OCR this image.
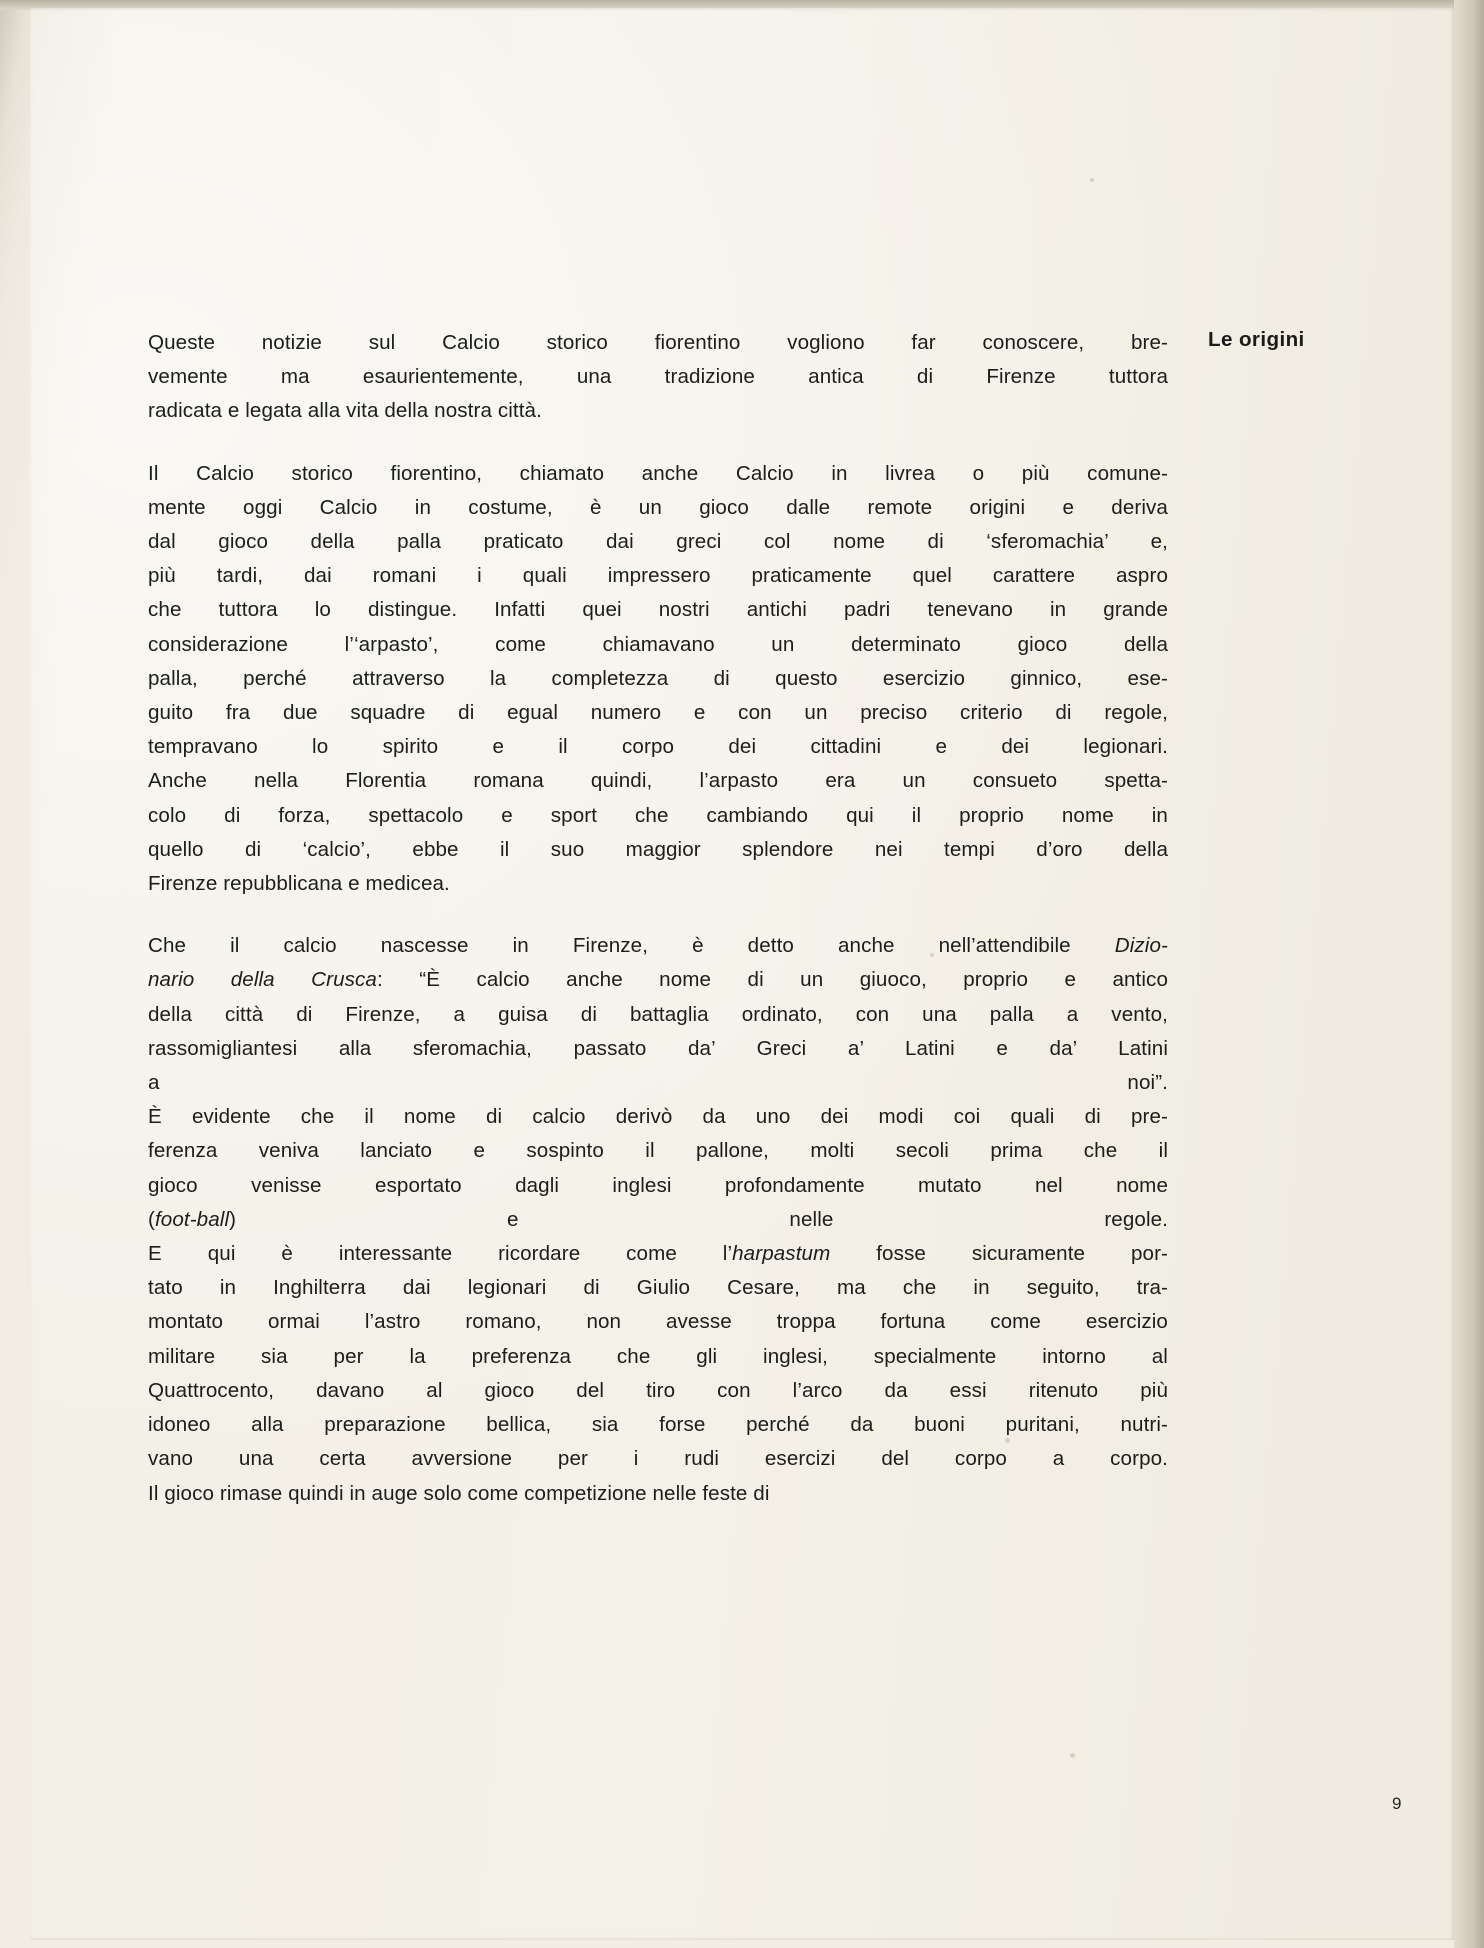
Le origini

Queste notizie sul Calcio storico fiorentino vogliono far conoscere, bre-
vemente ma esaurientemente, una tradizione antica di Firenze tuttora
radicata e legata alla vita della nostra città.

Il Calcio storico fiorentino, chiamato anche Calcio in livrea o più comune-
mente oggi Calcio in costume, è un gioco dalle remote origini e deriva
dal gioco della palla praticato dai greci col nome di ‘sferomachia’ e,
più tardi, dai romani i quali impressero praticamente quel carattere aspro
che tuttora lo distingue. Infatti quei nostri antichi padri tenevano in grande
considerazione l’‘arpasto’, come chiamavano un determinato gioco della
palla, perché attraverso la completezza di questo esercizio ginnico, ese-
guito fra due squadre di egual numero e con un preciso criterio di regole,
tempravano lo spirito e il corpo dei cittadini e dei legionari.
Anche nella Florentia romana quindi, l’arpasto era un consueto spetta-
colo di forza, spettacolo e sport che cambiando qui il proprio nome in
quello di ‘calcio’, ebbe il suo maggior splendore nei tempi d’oro della
Firenze repubblicana e medicea.

Che il calcio nascesse in Firenze, è detto anche nell’attendibile Dizio-
nario della Crusca: “È calcio anche nome di un giuoco, proprio e antico
della città di Firenze, a guisa di battaglia ordinato, con una palla a vento,
rassomigliantesi alla sferomachia, passato da’ Greci a’ Latini e da’ Latini
a noi”.
È evidente che il nome di calcio derivò da uno dei modi coi quali di pre-
ferenza veniva lanciato e sospinto il pallone, molti secoli prima che il
gioco venisse esportato dagli inglesi profondamente mutato nel nome
(foot-ball) e nelle regole.
E qui è interessante ricordare come l’harpastum fosse sicuramente por-
tato in Inghilterra dai legionari di Giulio Cesare, ma che in seguito, tra-
montato ormai l’astro romano, non avesse troppa fortuna come esercizio
militare sia per la preferenza che gli inglesi, specialmente intorno al
Quattrocento, davano al gioco del tiro con l’arco da essi ritenuto più
idoneo alla preparazione bellica, sia forse perché da buoni puritani, nutri-
vano una certa avversione per i rudi esercizi del corpo a corpo.
Il gioco rimase quindi in auge solo come competizione nelle feste di

9
